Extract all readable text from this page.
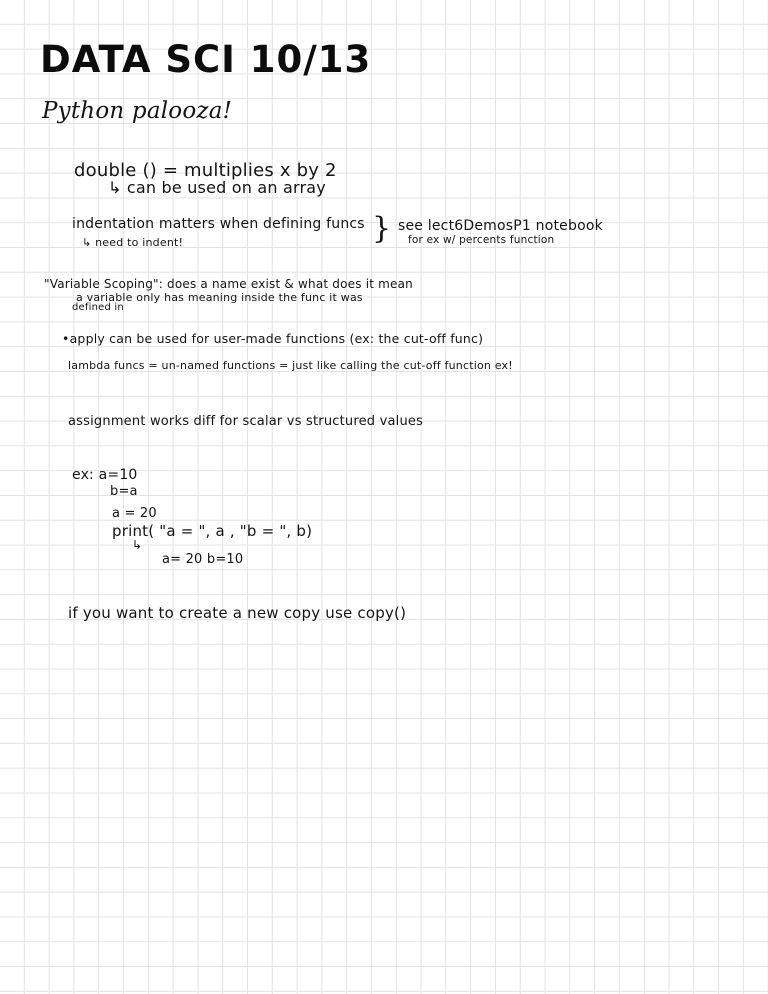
DATA SCI 10/13
Python palooza!
double () = multiplies x by 2
↳ can be used on an array
indentation matters when defining funcs
↳ need to indent!	} see lect6DemosP1 notebook
for ex w/ percents function
"Variable Scoping": does a name exist & what does it mean
a variable only has meaning inside the func it was
defined in
•apply can be used for user-made functions (ex: the cut-off func)
lambda funcs = un-named functions = just like calling the cut-off function ex!
assignment works diff for scalar vs structured values
ex: a=10
b=a
a = 20
print( "a = ", a , "b = ", b)
↳
a= 20 b=10
if you want to create a new copy use copy()
